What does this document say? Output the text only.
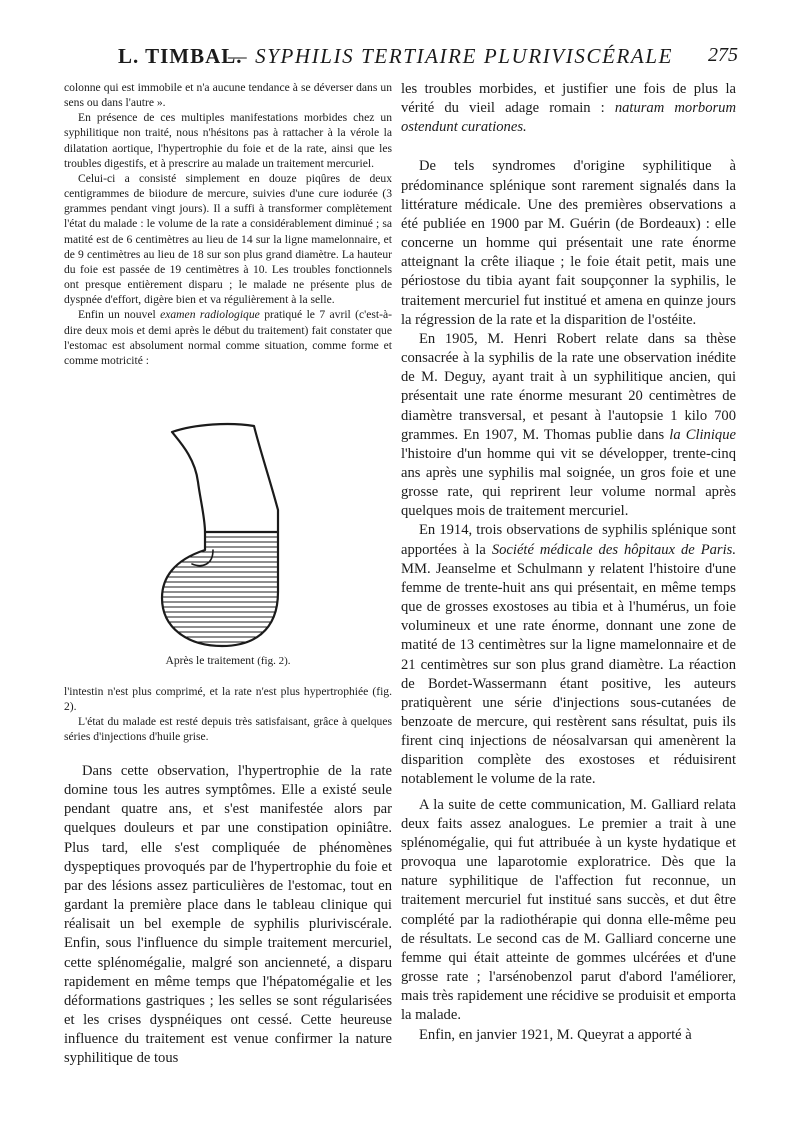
L. TIMBAL.
— SYPHILIS TERTIAIRE PLURIVISCÉRALE 275

colonne qui est immobile et n'a aucune tendance à se déverser dans un sens ou dans l'autre ».

En présence de ces multiples manifestations morbides chez un syphilitique non traité, nous n'hésitons pas à rattacher à la vérole la dilatation aortique, l'hypertrophie du foie et de la rate, ainsi que les troubles digestifs, et à prescrire au malade un traitement mercuriel.

Celui-ci a consisté simplement en douze piqûres de deux centigrammes de biiodure de mercure, suivies d'une cure iodurée (3 grammes pendant vingt jours). Il a suffi à transformer complètement l'état du malade : le volume de la rate a considérablement diminué ; sa matité est de 6 centimètres au lieu de 14 sur la ligne mamelonnaire, et de 9 centimètres au lieu de 18 sur son plus grand diamètre. La hauteur du foie est passée de 19 centimètres à 10. Les troubles fonctionnels ont presque entièrement disparu ; le malade ne présente plus de dyspnée d'effort, digère bien et va régulièrement à la selle.

Enfin un nouvel examen radiologique pratiqué le 7 avril (c'est-à-dire deux mois et demi après le début du traitement) fait constater que l'estomac est absolument normal comme situation, comme forme et comme motricité :

Après le traitement (fig. 2).

l'intestin n'est plus comprimé, et la rate n'est plus hypertrophiée (fig. 2).

L'état du malade est resté depuis très satisfaisant, grâce à quelques séries d'injections d'huile grise.

Dans cette observation, l'hypertrophie de la rate domine tous les autres symptômes. Elle a existé seule pendant quatre ans, et s'est manifestée alors par quelques douleurs et par une constipation opiniâtre. Plus tard, elle s'est compliquée de phénomènes dyspeptiques provoqués par de l'hypertrophie du foie et par des lésions assez particulières de l'estomac, tout en gardant la première place dans le tableau clinique qui réalisait un bel exemple de syphilis pluriviscérale. Enfin, sous l'influence du simple traitement mercuriel, cette splénomégalie, malgré son ancienneté, a disparu rapidement en même temps que l'hépatomégalie et les déformations gastriques ; les selles se sont régularisées et les crises dyspnéiques ont cessé. Cette heureuse influence du traitement est venue confirmer la nature syphilitique de tous

les troubles morbides, et justifier une fois de plus la vérité du vieil adage romain : naturam morborum ostendunt curationes.

De tels syndromes d'origine syphilitique à prédominance splénique sont rarement signalés dans la littérature médicale. Une des premières observations a été publiée en 1900 par M. Guérin (de Bordeaux) : elle concerne un homme qui présentait une rate énorme atteignant la crête iliaque ; le foie était petit, mais une périostose du tibia ayant fait soupçonner la syphilis, le traitement mercuriel fut institué et amena en quinze jours la régression de la rate et la disparition de l'ostéite.

En 1905, M. Henri Robert relate dans sa thèse consacrée à la syphilis de la rate une observation inédite de M. Deguy, ayant trait à un syphilitique ancien, qui présentait une rate énorme mesurant 20 centimètres de diamètre transversal, et pesant à l'autopsie 1 kilo 700 grammes. En 1907, M. Thomas publie dans la Clinique l'histoire d'un homme qui vit se développer, trente-cinq ans après une syphilis mal soignée, un gros foie et une grosse rate, qui reprirent leur volume normal après quelques mois de traitement mercuriel.

En 1914, trois observations de syphilis splénique sont apportées à la Société médicale des hôpitaux de Paris. MM. Jeanselme et Schulmann y relatent l'histoire d'une femme de trente-huit ans qui présentait, en même temps que de grosses exostoses au tibia et à l'humérus, un foie volumineux et une rate énorme, donnant une zone de matité de 13 centimètres sur la ligne mamelonnaire et de 21 centimètres sur son plus grand diamètre. La réaction de Bordet-Wassermann étant positive, les auteurs pratiquèrent une série d'injections sous-cutanées de benzoate de mercure, qui restèrent sans résultat, puis ils firent cinq injections de néosalvarsan qui amenèrent la disparition complète des exostoses et réduisirent notablement le volume de la rate.

A la suite de cette communication, M. Galliard relata deux faits assez analogues. Le premier a trait à une splénomégalie, qui fut attribuée à un kyste hydatique et provoqua une laparotomie exploratrice. Dès que la nature syphilitique de l'affection fut reconnue, un traitement mercuriel fut institué sans succès, et dut être complété par la radiothérapie qui donna elle-même peu de résultats. Le second cas de M. Galliard concerne une femme qui était atteinte de gommes ulcérées et d'une grosse rate ; l'arsénobenzol parut d'abord l'améliorer, mais très rapidement une récidive se produisit et emporta la malade.

Enfin, en janvier 1921, M. Queyrat a apporté à
